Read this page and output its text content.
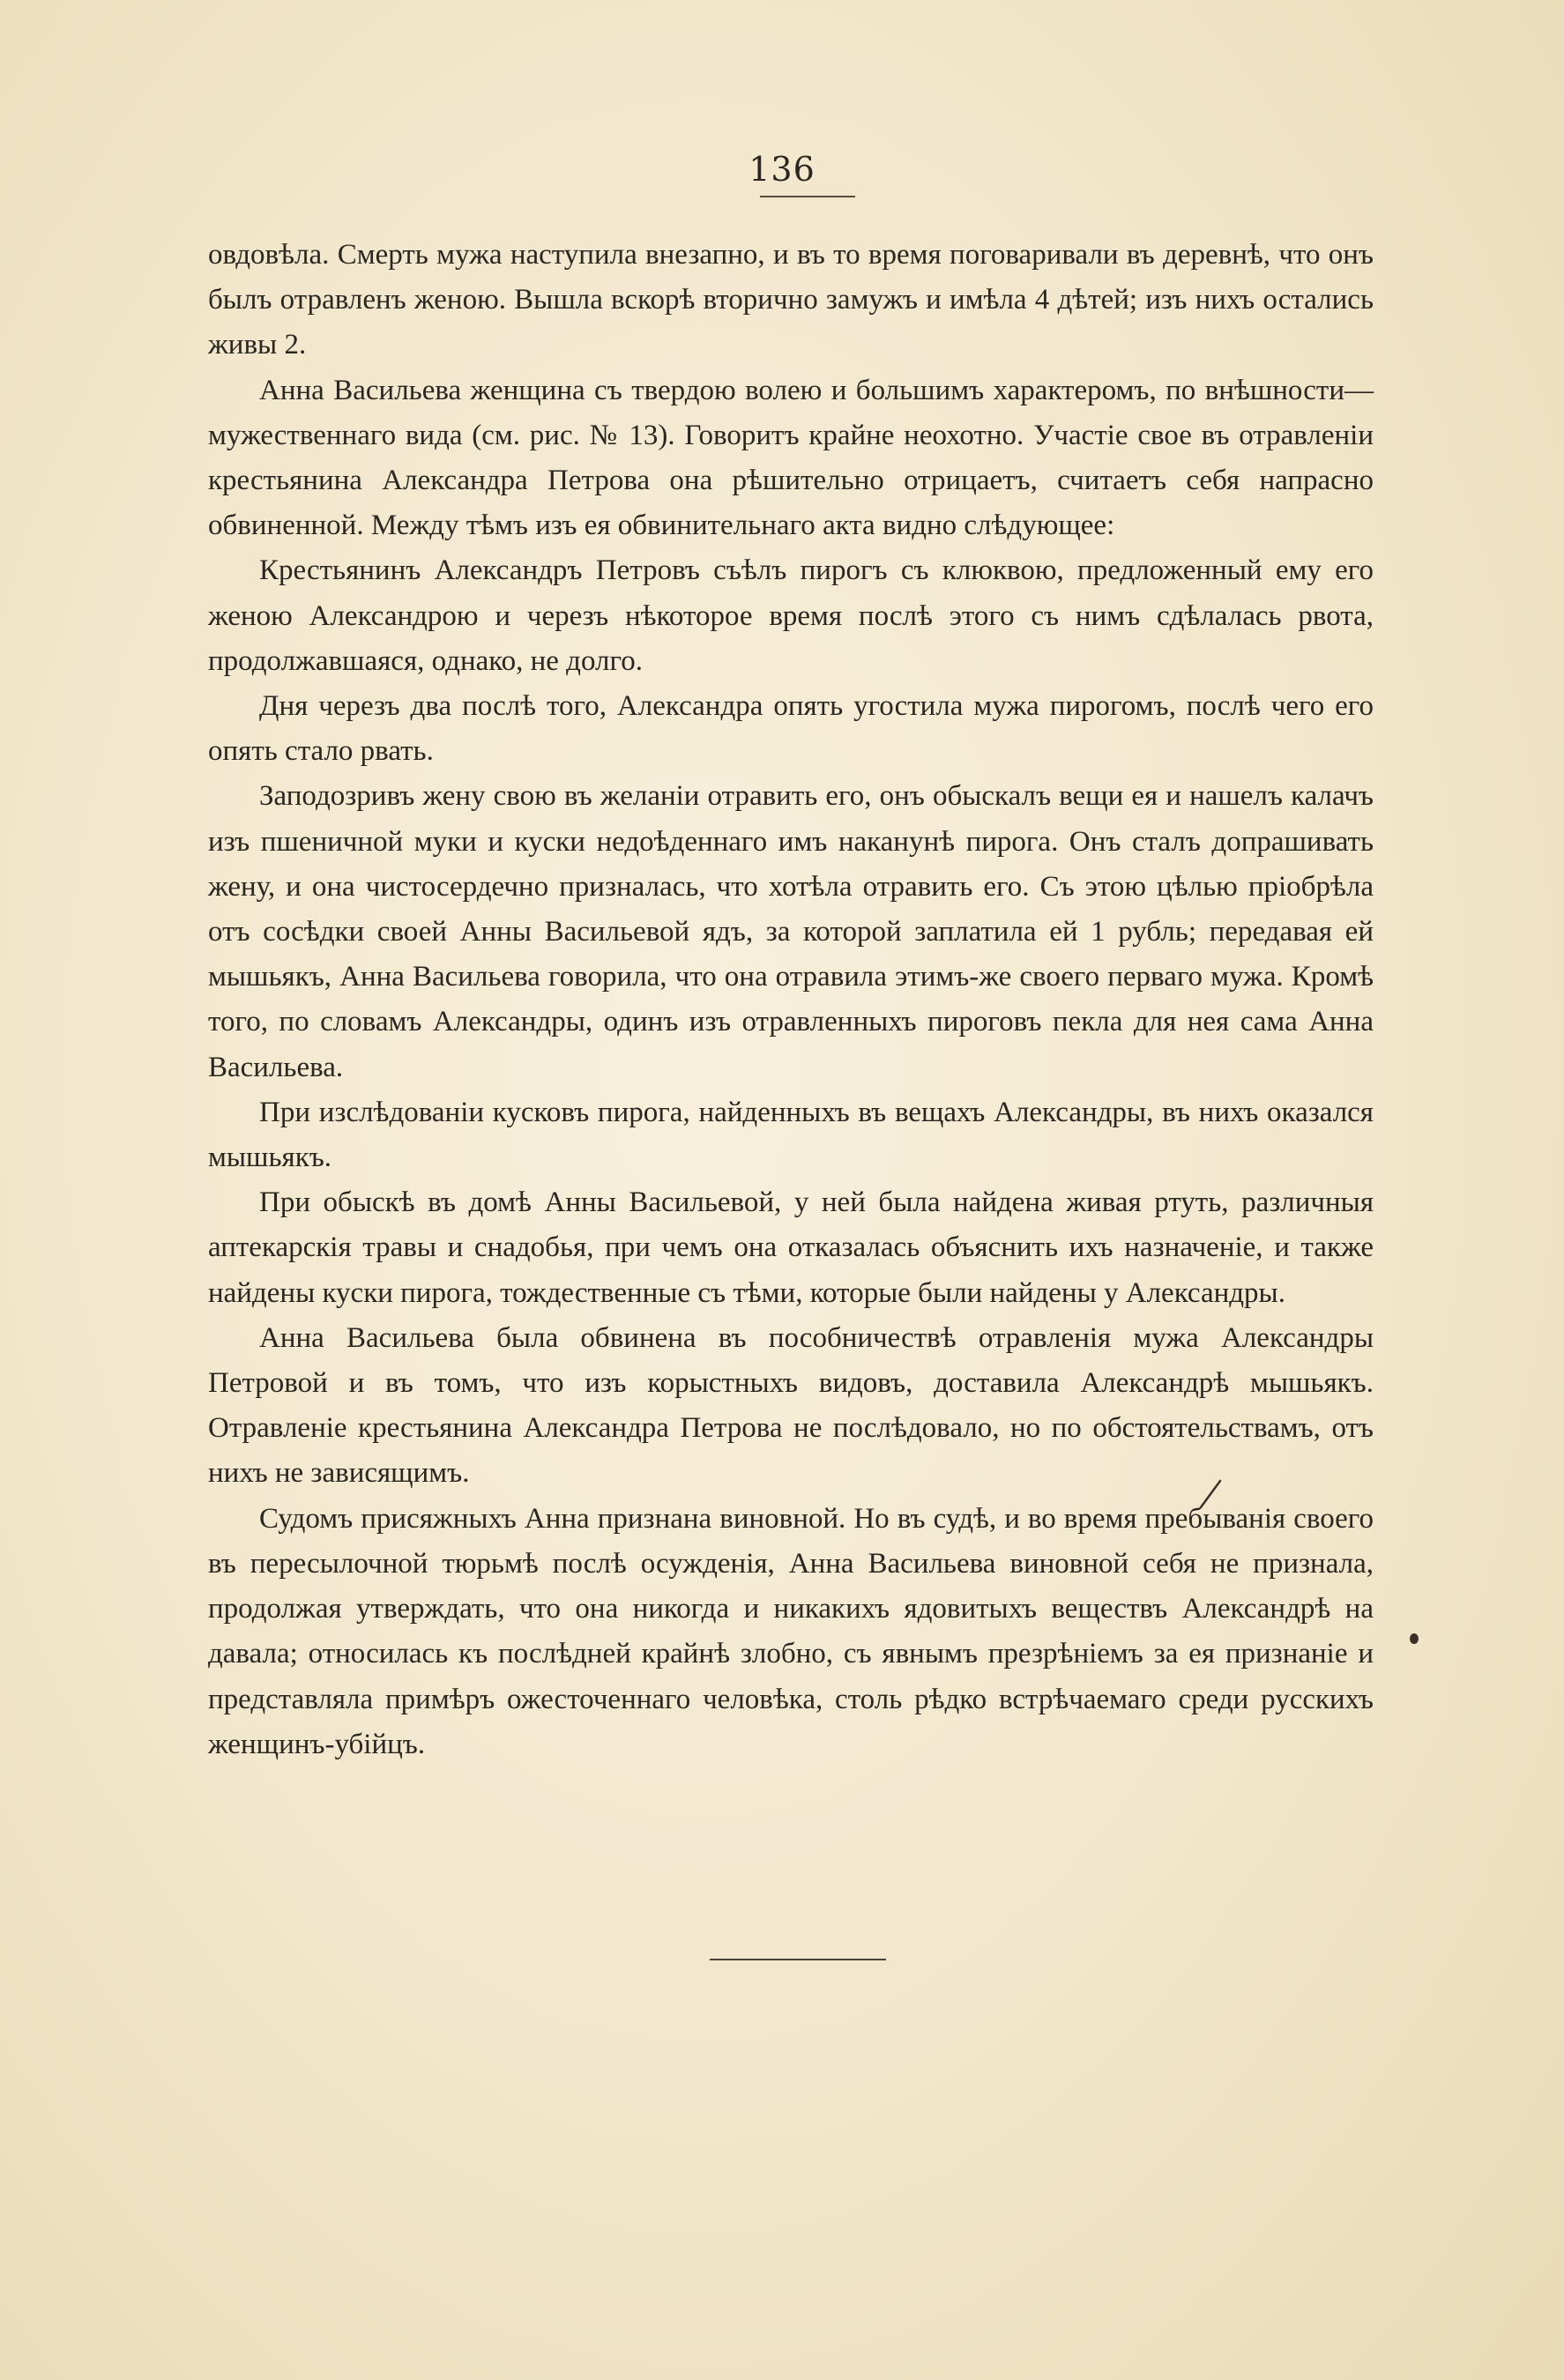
136

овдовѣла. Смерть мужа наступила внезапно, и въ то время поговаривали въ деревнѣ, что онъ былъ отравленъ женою. Вышла вскорѣ вторично замужъ и имѣла 4 дѣтей; изъ нихъ остались живы 2.

Анна Васильева женщина съ твердою волею и большимъ характеромъ, по внѣшности—мужественнаго вида (см. рис. № 13). Говоритъ крайне неохотно. Участіе свое въ отравленіи крестьянина Александра Петрова она рѣшительно отрицаетъ, считаетъ себя напрасно обвиненной. Между тѣмъ изъ ея обвинительнаго акта видно слѣдующее:

Крестьянинъ Александръ Петровъ съѣлъ пирогъ съ клюквою, предложенный ему его женою Александрою и черезъ нѣкоторое время послѣ этого съ нимъ сдѣлалась рвота, продолжавшаяся, однако, не долго.

Дня черезъ два послѣ того, Александра опять угостила мужа пирогомъ, послѣ чего его опять стало рвать.

Заподозривъ жену свою въ желаніи отравить его, онъ обыскалъ вещи ея и нашелъ калачъ изъ пшеничной муки и куски недоѣденнаго имъ наканунѣ пирога. Онъ сталъ допрашивать жену, и она чистосердечно призналась, что хотѣла отравить его. Съ этою цѣлью пріобрѣла отъ сосѣдки своей Анны Васильевой ядъ, за которой заплатила ей 1 рубль; передавая ей мышьякъ, Анна Васильева говорила, что она отравила этимъ-же своего перваго мужа. Кромѣ того, по словамъ Александры, одинъ изъ отравленныхъ пироговъ пекла для нея сама Анна Васильева.

При изслѣдованіи кусковъ пирога, найденныхъ въ вещахъ Александры, въ нихъ оказался мышьякъ.

При обыскѣ въ домѣ Анны Васильевой, у ней была найдена живая ртуть, различныя аптекарскія травы и снадобья, при чемъ она отказалась объяснить ихъ назначеніе, и также найдены куски пирога, тождественные съ тѣми, которые были найдены у Александры.

Анна Васильева была обвинена въ пособничествѣ отравленія мужа Александры Петровой и въ томъ, что изъ корыстныхъ видовъ, доставила Александрѣ мышьякъ. Отравленіе крестьянина Александра Петрова не послѣдовало, но по обстоятельствамъ, отъ нихъ не зависящимъ.

Судомъ присяжныхъ Анна признана виновной. Но въ судѣ, и во время пребыванія своего въ пересылочной тюрьмѣ послѣ осужденія, Анна Васильева виновной себя не признала, продолжая утверждать, что она никогда и никакихъ ядовитыхъ веществъ Александрѣ на давала; относилась къ послѣдней крайнѣ злобно, съ явнымъ презрѣніемъ за ея признаніе и представляла примѣръ ожесточеннаго человѣка, столь рѣдко встрѣчаемаго среди русскихъ женщинъ-убійцъ.
